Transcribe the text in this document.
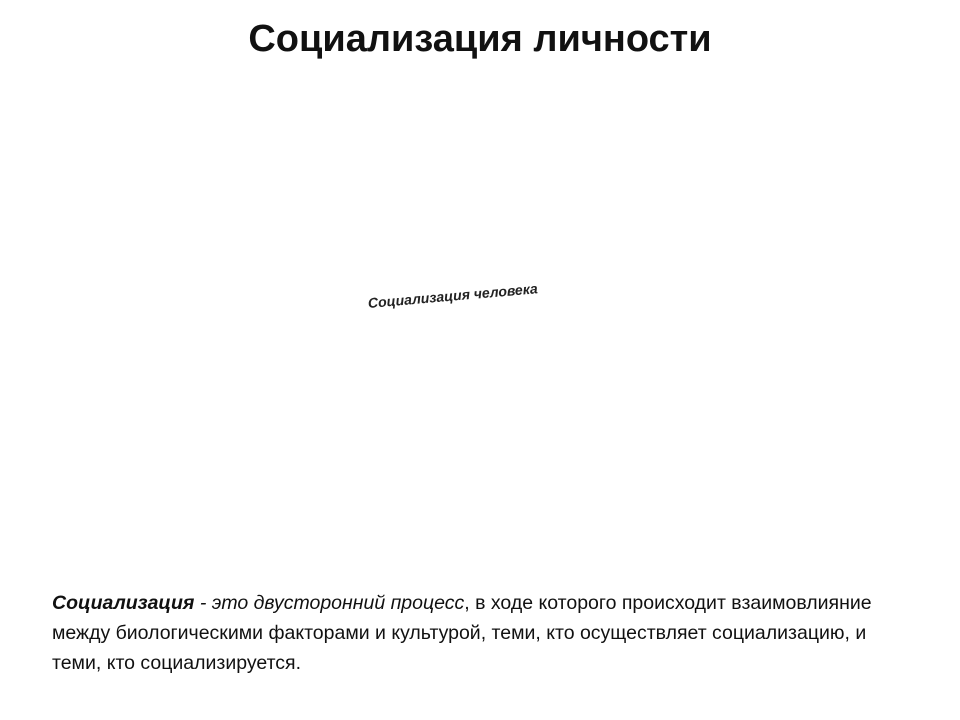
Социализация личности
Социализация человека

Социализация - это двусторонний процесс, в ходе которого происходит взаимовлияние между биологическими факторами и культурой, теми, кто осуществляет социализацию, и теми, кто социализируется.
